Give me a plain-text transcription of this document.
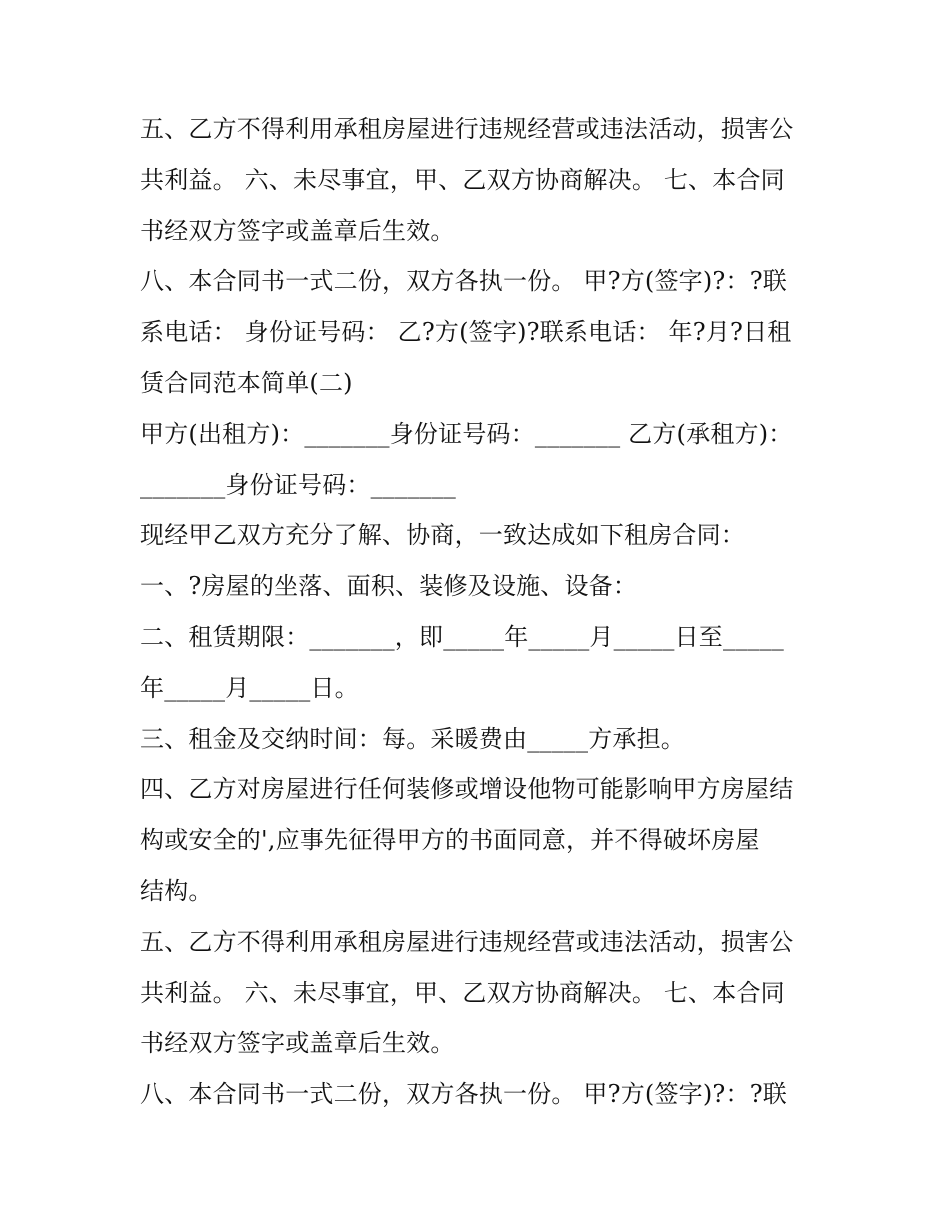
五、乙方不得利用承租房屋进行违规经营或违法活动，损害公
共利益。 六、未尽事宜，甲、乙双方协商解决。 七、本合同
书经双方签字或盖章后生效。
八、本合同书一式二份，双方各执一份。 甲?方(签字)?：?联
系电话： 身份证号码： 乙?方(签字)?联系电话： 年?月?日租
赁合同范本简单(二)
甲方(出租方)：_______身份证号码：_______ 乙方(承租方)：
_______身份证号码：_______
现经甲乙双方充分了解、协商，一致达成如下租房合同：
一、?房屋的坐落、面积、装修及设施、设备：
二、租赁期限：_______，即_____年_____月_____日至_____
年_____月_____日。
三、租金及交纳时间：每。采暖费由_____方承担。
四、乙方对房屋进行任何装修或增设他物可能影响甲方房屋结
构或安全的',应事先征得甲方的书面同意，并不得破坏房屋
结构。
五、乙方不得利用承租房屋进行违规经营或违法活动，损害公
共利益。 六、未尽事宜，甲、乙双方协商解决。 七、本合同
书经双方签字或盖章后生效。
八、本合同书一式二份，双方各执一份。 甲?方(签字)?：?联
